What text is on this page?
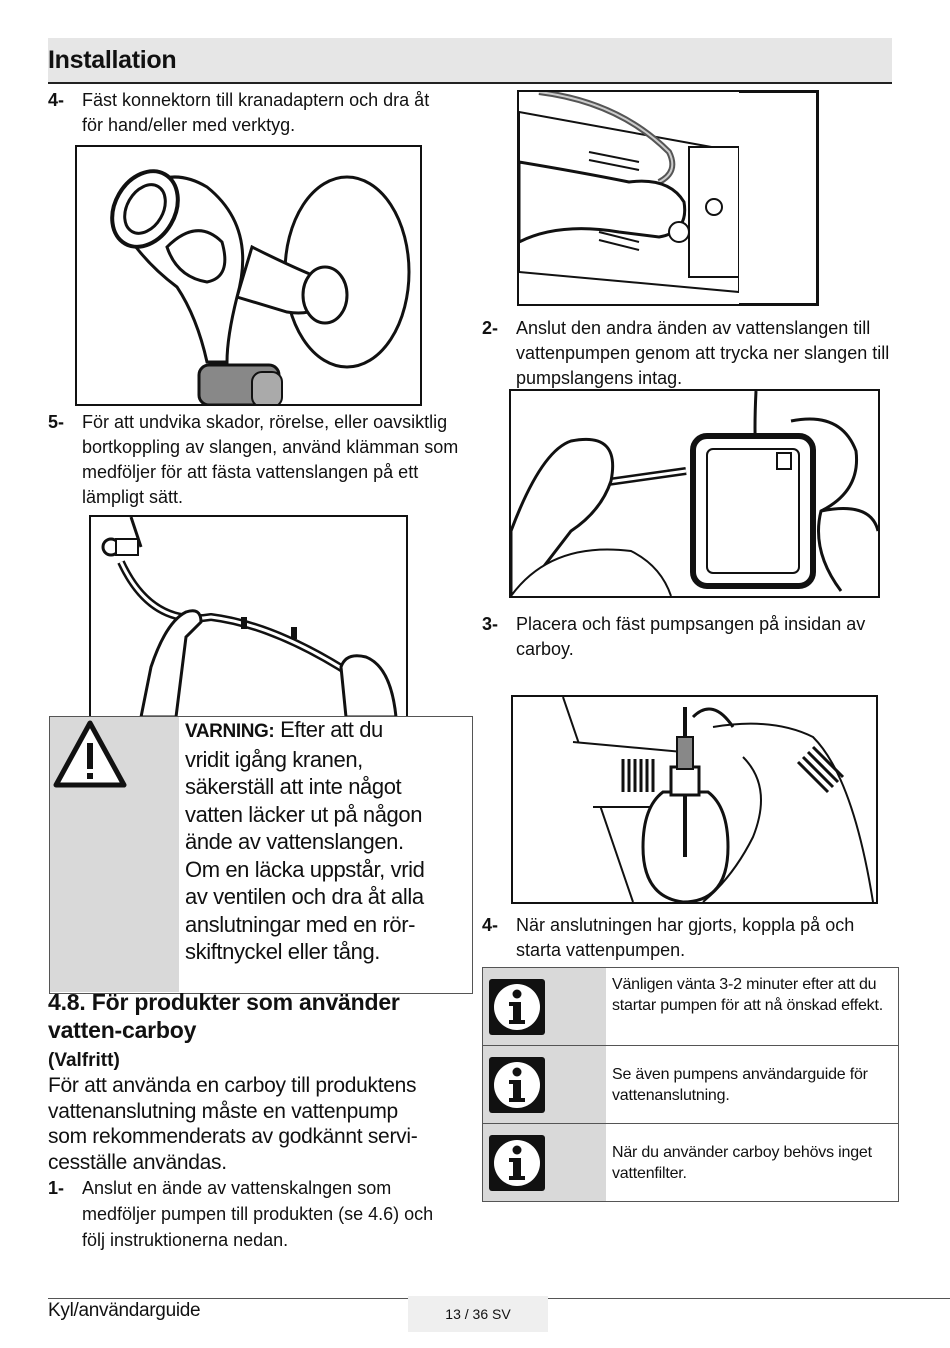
Installation
4- Fäst konnektorn till kranadaptern och dra åt för hand/eller med verktyg.
5- För att undvika skador, rörelse, eller oavsiktlig bortkoppling av slangen, använd klämman som medföljer för att fästa vattenslangen på ett lämpligt sätt.
VARNING: Efter att du vridit igång kranen, säkerställ att inte något vatten läcker ut på någon ände av vattenslangen. Om en läcka uppstår, vrid av ventilen och dra åt alla anslutningar med en rör-skiftnyckel eller tång.
4.8. För produkter som använder vatten-carboy
(Valfritt)
För att använda en carboy till produktens vattenanslutning måste en vattenpump som rekommenderats av godkännt servi-cesställe användas.
1- Anslut en ände av vattenskalngen som medföljer pumpen till produkten (se 4.6) och följ instruktionerna nedan.
2- Anslut den andra änden av vattenslangen till vattenpumpen genom att trycka ner slangen till pumpslangens intag.
3- Placera och fäst pumpsangen på insidan av carboy.
4- När anslutningen har gjorts, koppla på och starta vattenpumpen.
Vänligen vänta 3-2 minuter efter att du startar pumpen för att nå önskad effekt.
Se även pumpens användarguide för vattenanslutning.
När du använder carboy behövs inget vattenfilter.
Kyl/användarguide	13 / 36 SV
